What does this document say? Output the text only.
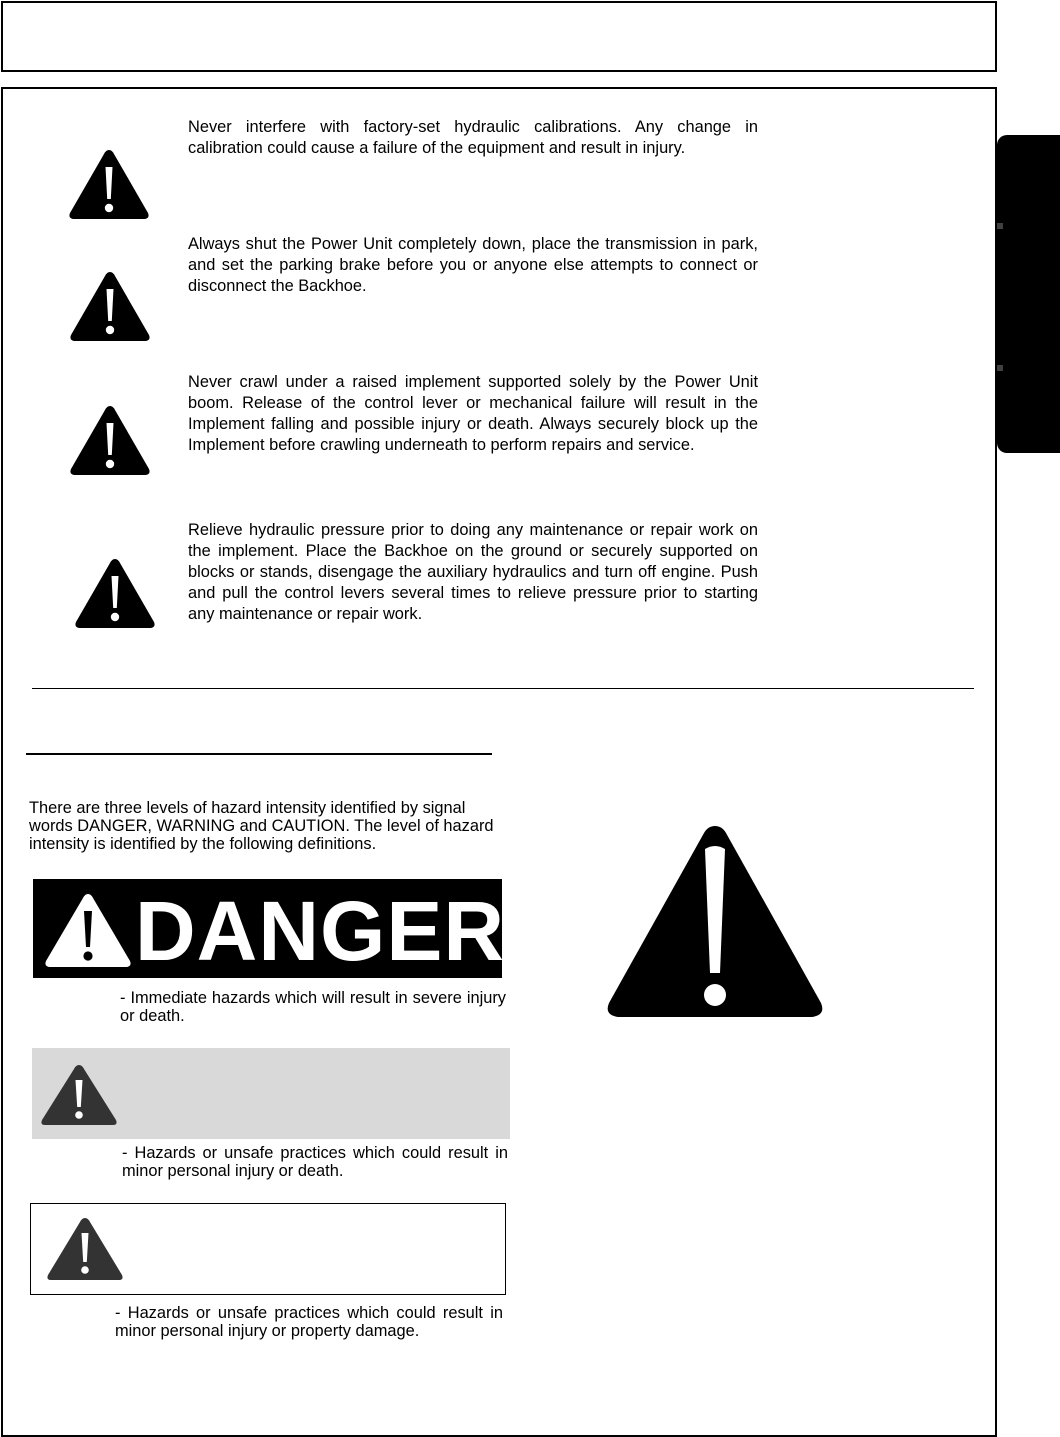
Never interfere with factory-set hydraulic calibrations. Any change in calibration could cause a failure of the equipment and result in injury.

Always shut the Power Unit completely down, place the transmission in park, and set the parking brake before you or anyone else attempts to connect or disconnect the Backhoe.

Never crawl under a raised implement supported solely by the Power Unit boom. Release of the control lever or mechanical failure will result in the Implement falling and possible injury or death. Always securely block up the Implement before crawling underneath to perform repairs and service.

Relieve hydraulic pressure prior to doing any maintenance or repair work on the implement. Place the Backhoe on the ground or securely supported on blocks or stands, disengage the auxiliary hydraulics and turn off engine. Push and pull the control levers several times to relieve pressure prior to starting any maintenance or repair work.

There are three levels of hazard intensity identified by signal words DANGER, WARNING and CAUTION. The level of hazard intensity is identified by the following definitions.

DANGER

- Immediate hazards which will result in severe injury or death.

- Hazards or unsafe practices which could result in minor personal injury or death.

- Hazards or unsafe practices which could result in minor personal injury or property damage.
